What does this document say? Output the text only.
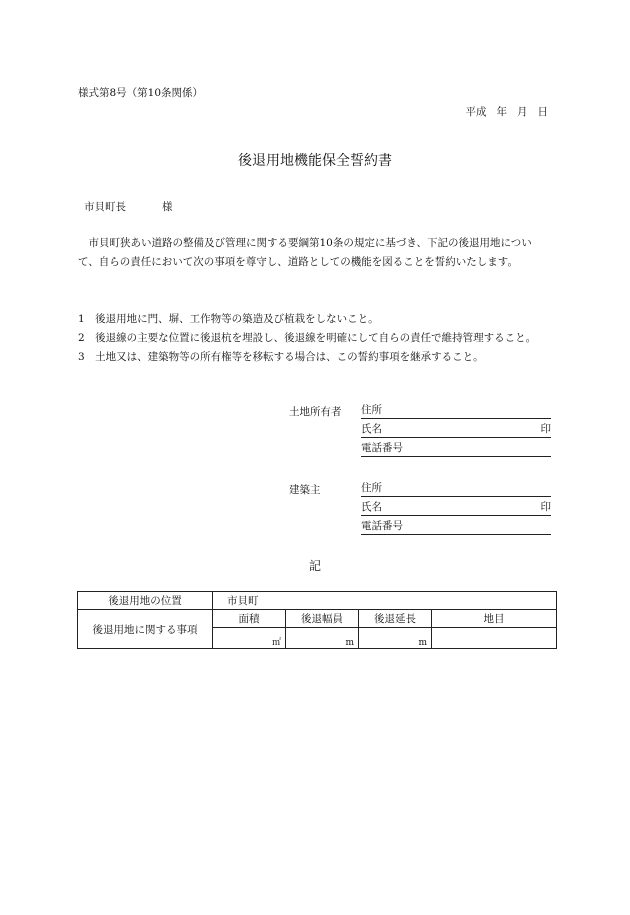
様式第8号（第10条関係）
平成 年 月 日
後退用地機能保全誓約書
市貝町長	様
市貝町狭あい道路の整備及び管理に関する要綱第10条の規定に基づき、下記の後退用地について、自らの責任において次の事項を尊守し、道路としての機能を図ることを誓約いたします。
1　後退用地に門、塀、工作物等の築造及び植栽をしないこと。
2　後退線の主要な位置に後退杭を埋設し、後退線を明確にして自らの責任で維持管理すること。
3　土地又は、建築物等の所有権等を移転する場合は、この誓約事項を継承すること。
土地所有者 住所
氏名	印
電話番号
建築主	住所
氏名	印
電話番号
記
後退用地の位置	市貝町			
後退用地に関する事項	面積	後退幅員	後退延長	地目
	㎡	m	m	
